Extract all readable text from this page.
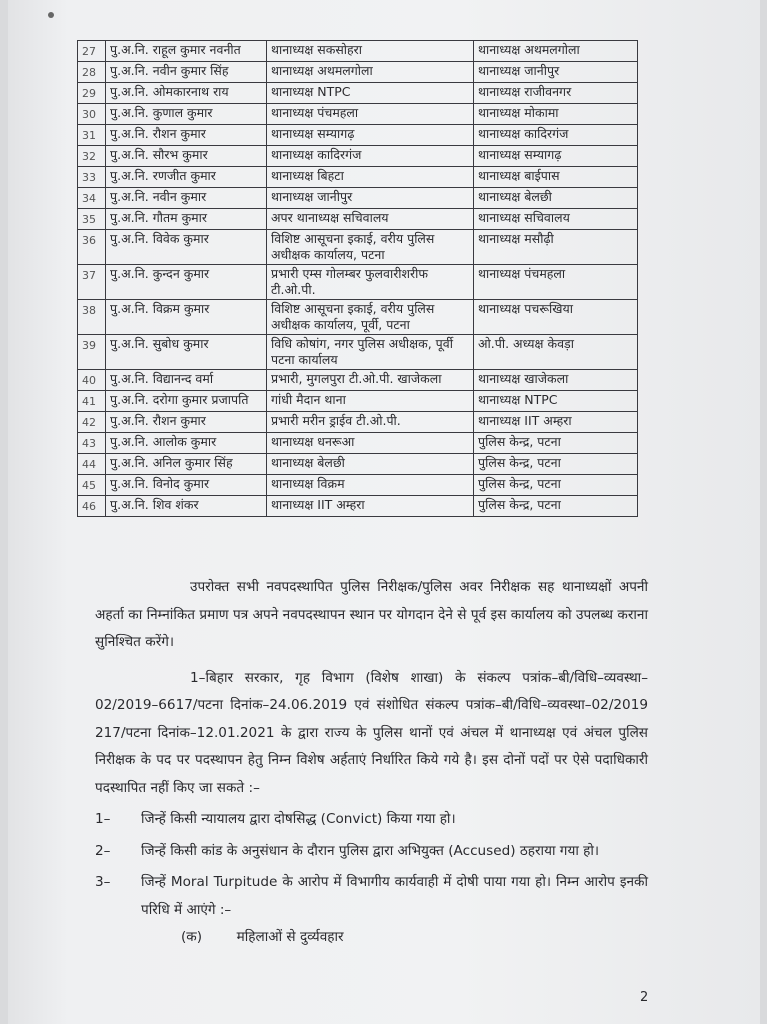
27	पु.अ.नि. राहूल कुमार नवनीत	थानाध्यक्ष सकसोहरा	थानाध्यक्ष अथमलगोला
28	पु.अ.नि. नवीन कुमार सिंह	थानाध्यक्ष अथमलगोला	थानाध्यक्ष जानीपुर
29	पु.अ.नि. ओमकारनाथ राय	थानाध्यक्ष NTPC	थानाध्यक्ष राजीवनगर
30	पु.अ.नि. कुणाल कुमार	थानाध्यक्ष पंचमहला	थानाध्यक्ष मोकामा
31	पु.अ.नि. रौशन कुमार	थानाध्यक्ष सम्यागढ़	थानाध्यक्ष कादिरगंज
32	पु.अ.नि. सौरभ कुमार	थानाध्यक्ष कादिरगंज	थानाध्यक्ष सम्यागढ़
33	पु.अ.नि. रणजीत कुमार	थानाध्यक्ष बिहटा	थानाध्यक्ष बाईपास
34	पु.अ.नि. नवीन कुमार	थानाध्यक्ष जानीपुर	थानाध्यक्ष बेलछी
35	पु.अ.नि. गौतम कुमार	अपर थानाध्यक्ष सचिवालय	थानाध्यक्ष सचिवालय
36	पु.अ.नि. विवेक कुमार	विशिष्ट आसूचना इकाई, वरीय पुलिस अधीक्षक कार्यालय, पटना	थानाध्यक्ष मसौढ़ी
37	पु.अ.नि. कुन्दन कुमार	प्रभारी एम्स गोलम्बर फुलवारीशरीफ टी.ओ.पी.	थानाध्यक्ष पंचमहला
38	पु.अ.नि. विक्रम कुमार	विशिष्ट आसूचना इकाई, वरीय पुलिस अधीक्षक कार्यालय, पूर्वी, पटना	थानाध्यक्ष पचरूखिया
39	पु.अ.नि. सुबोध कुमार	विधि कोषांग, नगर पुलिस अधीक्षक, पूर्वी पटना कार्यालय	ओ.पी. अध्यक्ष केवड़ा
40	पु.अ.नि. विद्यानन्द वर्मा	प्रभारी, मुगलपुरा टी.ओ.पी. खाजेकला	थानाध्यक्ष खाजेकला
41	पु.अ.नि. दरोगा कुमार प्रजापति	गांधी मैदान थाना	थानाध्यक्ष NTPC
42	पु.अ.नि. रौशन कुमार	प्रभारी मरीन ड्राईव टी.ओ.पी.	थानाध्यक्ष IIT अम्हरा
43	पु.अ.नि. आलोक कुमार	थानाध्यक्ष धनरूआ	पुलिस केन्द्र, पटना
44	पु.अ.नि. अनिल कुमार सिंह	थानाध्यक्ष बेलछी	पुलिस केन्द्र, पटना
45	पु.अ.नि. विनोद कुमार	थानाध्यक्ष विक्रम	पुलिस केन्द्र, पटना
46	पु.अ.नि. शिव शंकर	थानाध्यक्ष IIT अम्हरा	पुलिस केन्द्र, पटना

उपरोक्त सभी नवपदस्थापित पुलिस निरीक्षक/पुलिस अवर निरीक्षक सह थानाध्यक्षों अपनी अहर्ता का निम्नांकित प्रमाण पत्र अपने नवपदस्थापन स्थान पर योगदान देने से पूर्व इस कार्यालय को उपलब्ध कराना सुनिश्चित करेंगे।

1–बिहार सरकार, गृह विभाग (विशेष शाखा) के संकल्प पत्रांक–बी/विधि–व्यवस्था–02/2019–6617/पटना दिनांक–24.06.2019 एवं संशोधित संकल्प पत्रांक–बी/विधि–व्यवस्था–02/2019 217/पटना दिनांक–12.01.2021 के द्वारा राज्य के पुलिस थानों एवं अंचल में थानाध्यक्ष एवं अंचल पुलिस निरीक्षक के पद पर पदस्थापन हेतु निम्न विशेष अर्हताएं निर्धारित किये गये है। इस दोनों पदों पर ऐसे पदाधिकारी पदस्थापित नहीं किए जा सकते :–

1–	जिन्हें किसी न्यायालय द्वारा दोषसिद्ध (Convict) किया गया हो।

2–	जिन्हें किसी कांड के अनुसंधान के दौरान पुलिस द्वारा अभियुक्त (Accused) ठहराया गया हो।

3–	जिन्हें Moral Turpitude के आरोप में विभागीय कार्यवाही में दोषी पाया गया हो। निम्न आरोप इनकी परिधि में आएंगे :–

(क)        महिलाओं से दुर्व्यवहार

2
